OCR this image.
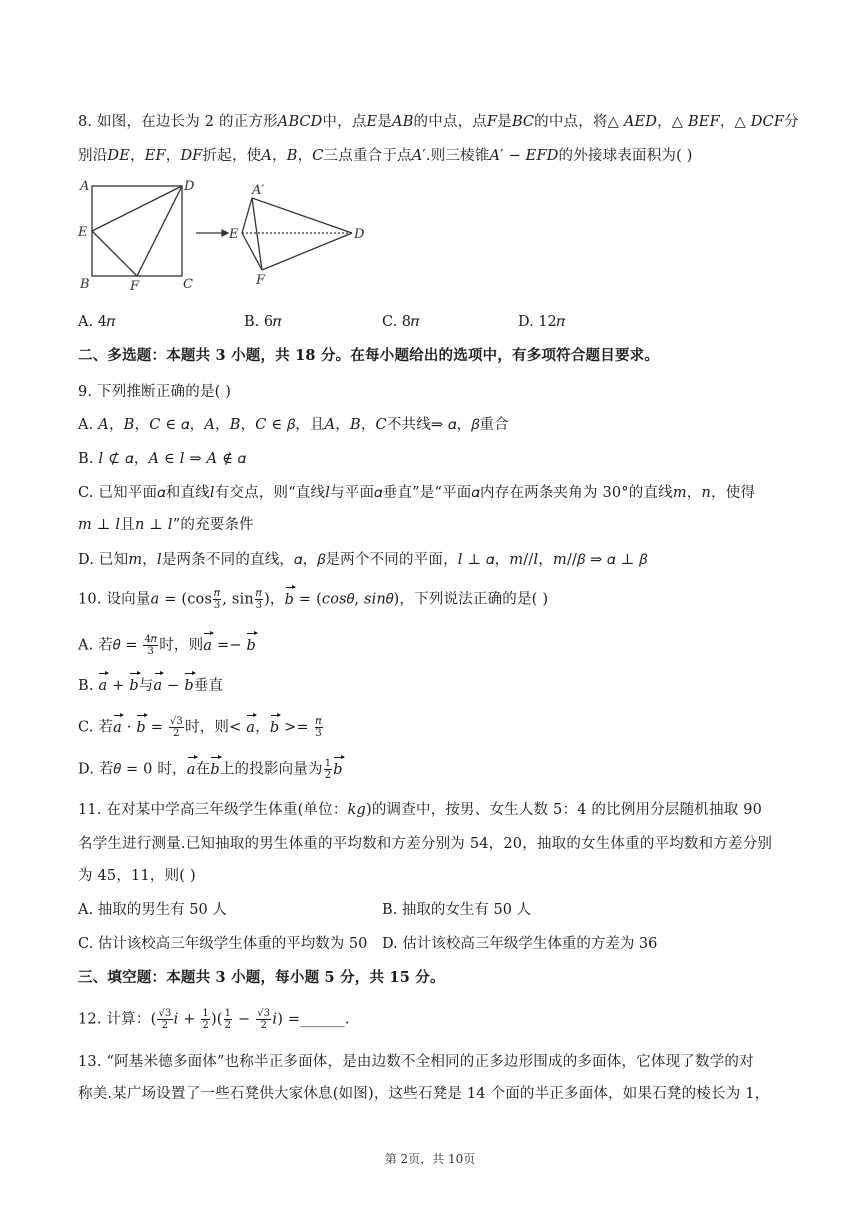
8. 如图，在边长为 2 的正方形𝐴𝐵𝐶𝐷中，点𝐸是𝐴𝐵的中点，点𝐹是𝐵𝐶的中点，将△ 𝐴𝐸𝐷，△ 𝐵𝐸𝐹，△ 𝐷𝐶𝐹分
别沿𝐷𝐸，𝐸𝐹，𝐷𝐹折起，使𝐴，𝐵，𝐶三点重合于点𝐴′.则三棱锥𝐴′ − 𝐸𝐹𝐷的外接球表面积为( )
A	D
E
B	F	C
A′
E	D
F
A. 4𝜋	B. 6𝜋	C. 8𝜋	D. 12𝜋
二、多选题：本题共 3 小题，共 18 分。在每小题给出的选项中，有多项符合题目要求。
9. 下列推断正确的是( )
A. 𝐴，𝐵，𝐶 ∈ 𝛼，𝐴，𝐵，𝐶 ∈ 𝛽，且𝐴，𝐵，𝐶不共线⇒ 𝛼，𝛽重合
B. 𝑙 ⊄ 𝛼，𝐴 ∈ 𝑙 ⇒ 𝐴 ∉ 𝛼
C. 已知平面𝛼和直线𝑙有交点，则“直线𝑙与平面𝛼垂直”是“平面𝛼内存在两条夹角为 30°的直线𝑚，𝑛，使得
𝑚 ⊥ 𝑙且𝑛 ⊥ 𝑙”的充要条件
D. 已知𝑚，𝑙是两条不同的直线，𝛼，𝛽是两个不同的平面，𝑙 ⊥ 𝛼，𝑚//𝑙，𝑚//𝛽 ⇒ 𝛼 ⊥ 𝛽
10. 设向量𝑎 = ($\cos \frac{\text{𝜋}}{3}$ , $\sin \frac{\text{𝜋}}{3}$ )，𝑏 = (𝑐𝑜𝑠𝜃, 𝑠𝑖𝑛𝜃)，下列说法正确的是( )
A. 若𝜃 = $\frac{\text{4𝜋}}{3}$ 时，则𝑎 =− 𝑏
B. 𝑎 + 𝑏与𝑎 − 𝑏垂直
C. 若𝑎 · 𝑏 = $\frac{√3}{2}$ 时，则< 𝑎，𝑏 >= $\frac{\text{𝜋}}{3}$
D. 若𝜃 = 0 时，𝑎在𝑏上的投影向量为 $\frac{1}{2}$ 𝑏
11. 在对某中学高三年级学生体重(单位：𝑘𝑔)的调查中，按男、女生人数 5：4 的比例用分层随机抽取 90
名学生进行测量.已知抽取的男生体重的平均数和方差分别为 54，20，抽取的女生体重的平均数和方差分别
为 45，11，则( )
A. 抽取的男生有 50 人	B. 抽取的女生有 50 人
C. 估计该校高三年级学生体重的平均数为 50 D. 估计该校高三年级学生体重的方差为 36
三、填空题：本题共 3 小题，每小题 5 分，共 15 分。
12. 计算：( $\frac{√3}{2}$ 𝑖 + $\frac{1}{2}$ )( $\frac{1}{2} - \frac{√3}{2}$ 𝑖) =______.
13. “阿基米德多面体”也称半正多面体，是由边数不全相同的正多边形围成的多面体，它体现了数学的对
称美.某广场设置了一些石凳供大家休息(如图)，这些石凳是 14 个面的半正多面体，如果石凳的棱长为 1，
第 2页，共 10页
